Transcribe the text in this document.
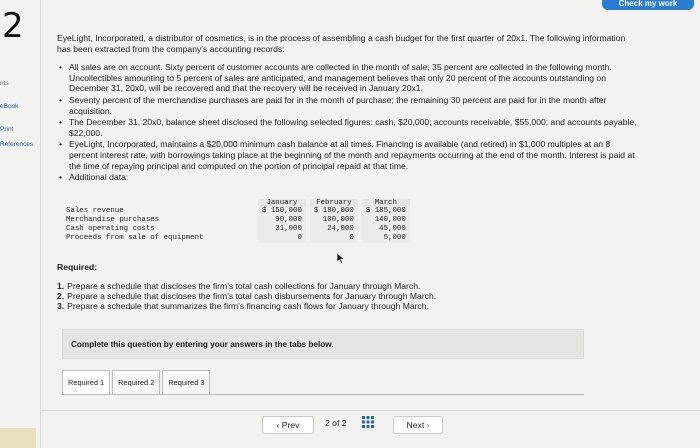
2
Check my work
nts
eBook
Print
References

EyeLight, Incorporated, a distributor of cosmetics, is in the process of assembling a cash budget for the first quarter of 20x1. The following information has been extracted from the company's accounting records:

• All sales are on account. Sixty percent of customer accounts are collected in the month of sale; 35 percent are collected in the following month. Uncollectibles amounting to 5 percent of sales are anticipated, and management believes that only 20 percent of the accounts outstanding on December 31, 20x0, will be recovered and that the recovery will be received in January 20x1.
• Seventy percent of the merchandise purchases are paid for in the month of purchase; the remaining 30 percent are paid for in the month after acquisition.
• The December 31, 20x0, balance sheet disclosed the following selected figures: cash, $20,000; accounts receivable, $55,000; and accounts payable, $22,000.
• EyeLight, Incorporated, maintains a $20,000 minimum cash balance at all times. Financing is available (and retired) in $1,000 multiples at an 8 percent interest rate, with borrowings taking place at the beginning of the month and repayments occurring at the end of the month. Interest is paid at the time of repaying principal and computed on the portion of principal repaid at that time.
• Additional data:
	January		February		March
Sales revenue	$ 150,000		$ 180,000		$ 185,000
Merchandise purchases	90,000		100,000		140,000
Cash operating costs	31,000		24,000		45,000
Proceeds from sale of equipment	0		0		5,000
Required:
1. Prepare a schedule that discloses the firm's total cash collections for January through March.
2. Prepare a schedule that discloses the firm's total cash disbursements for January through March.
3. Prepare a schedule that summarizes the firm's financing cash flows for January through March.
Complete this question by entering your answers in the tabs below.
Required 1	Required 2	Required 3
‹ Prev	2 of 2	Next ›
